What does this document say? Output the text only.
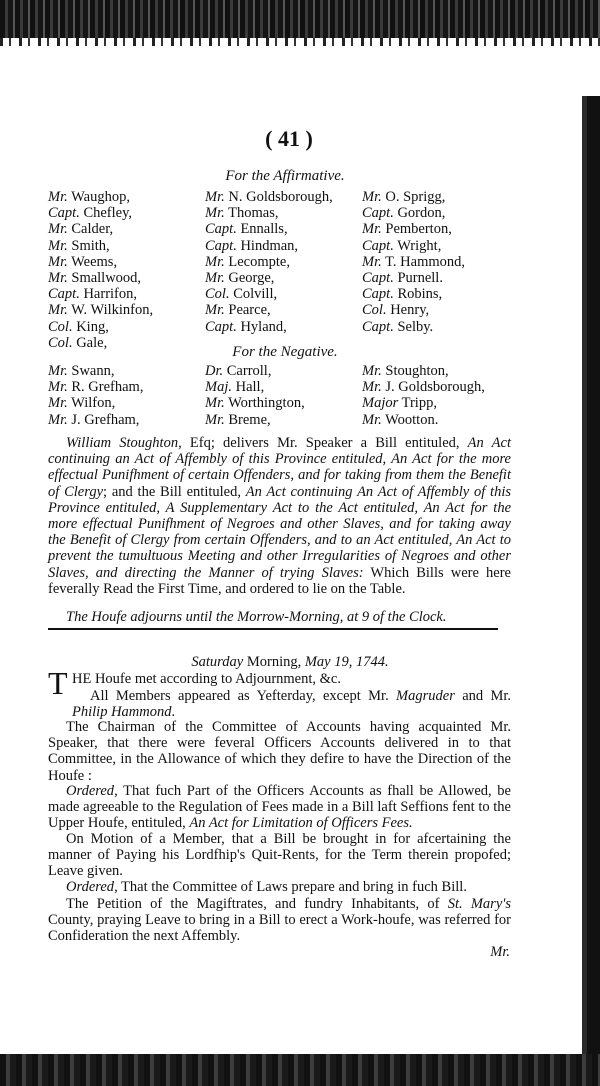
( 41 )
For the Affirmative.
Mr. Waughop,
Capt. Chefley,
Mr. Calder,
Mr. Smith,
Mr. Weems,
Mr. Smallwood,
Capt. Harrifon,
Mr. W. Wilkinfon,
Col. King,
Col. Gale,
Mr. N. Goldsborough,
Mr. Thomas,
Capt. Ennalls,
Capt. Hindman,
Mr. Lecompte,
Mr. George,
Col. Colvill,
Mr. Pearce,
Capt. Hyland,
Mr. O. Sprigg,
Capt. Gordon,
Mr. Pemberton,
Capt. Wright,
Mr. T. Hammond,
Capt. Purnell.
Capt. Robins,
Col. Henry,
Capt. Selby.
For the Negative.
Mr. Swann,
Mr. R. Grefham,
Mr. Wilfon,
Mr. J. Grefham,
Dr. Carroll,
Maj. Hall,
Mr. Worthington,
Mr. Breme,
Mr. Stoughton,
Mr. J. Goldsborough,
Major Tripp,
Mr. Wootton.
William Stoughton, Efq; delivers Mr. Speaker a Bill entituled, An Act continuing an Act of Affembly of this Province entituled, An Act for the more effectual Punifhment of certain Offenders, and for taking from them the Benefit of Clergy; and the Bill entituled, An Act continuing An Act of Affembly of this Province entituled, A Supplementary Act to the Act entituled, An Act for the more effectual Punifhment of Negroes and other Slaves, and for taking away the Benefit of Clergy from certain Offenders, and to an Act entituled, An Act to prevent the tumultuous Meeting and other Irregularities of Negroes and other Slaves, and directing the Manner of trying Slaves: Which Bills were here feverally Read the First Time, and ordered to lie on the Table.
The Houfe adjourns until the Morrow-Morning, at 9 of the Clock.
Saturday Morning, May 19, 1744.
T HE Houfe met according to Adjournment, &c.
All Members appeared as Yefterday, except Mr. Magruder and Mr. Philip Hammond.
The Chairman of the Committee of Accounts having acquainted Mr. Speaker, that there were feveral Officers Accounts delivered in to that Committee, in the Allowance of which they defire to have the Direction of the Houfe :
Ordered, That fuch Part of the Officers Accounts as fhall be Allowed, be made agreeable to the Regulation of Fees made in a Bill laft Seffions fent to the Upper Houfe, entituled, An Act for Limitation of Officers Fees.
On Motion of a Member, that a Bill be brought in for afcertaining the manner of Paying his Lordfhip's Quit-Rents, for the Term therein propofed; Leave given.
Ordered, That the Committee of Laws prepare and bring in fuch Bill.
The Petition of the Magiftrates, and fundry Inhabitants, of St. Mary's County, praying Leave to bring in a Bill to erect a Work-houfe, was referred for Confideration the next Affembly.
Mr.
